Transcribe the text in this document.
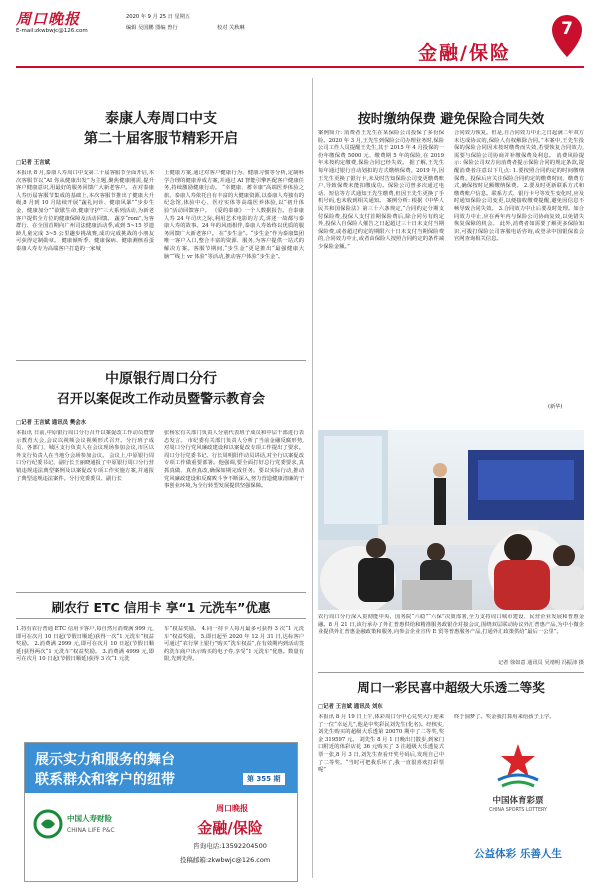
周口晚报
E-mail:zkwbwjc@126.com
2020 年 9 月 25 日 星期五
编辑 吴国鹏 图编 曾行	校对 关秋琳
金融/保险
7
泰康人寿周口中支
第二十届客服节精彩开启
□记者 王言斌
本报讯 8 月,泰康人寿周口中支第二十届客服节全面开启,本次客服节以“AI 你从健康出发”为主题,聚焦健康刚需,提升客户健康意识,用最好的服务回馈广大新老客户。 在对泰康人寿历届客服节集成的基础上,本次客服节推出了健康大升级,8 月到 10 月陆续开展“蔬礼问诊、健康风暴”“步步生金、健康加分”“欲歇生命,健康守护”三大系列活动,为新老客户提供全方位的健康保障及活动回馈。 蔬享“roni”,为客群行、在全国首期向广州司法健康活动季,或到 5~15 岁遗龄儿童完成 3~5 公里趣步挑战赛,成功完成挑战的小朋友可获得定制勋章。 健康倾听季、健康保病、健康测核看蛋泰康人寿专为高端客户打造的一家城
上健康方案,通过对客户健康行为、健康习惯等分析,定制科学合理的健康养成方案,并通过 AI 智能引擎匹配客户健康任务,持续激励健康行动。 “幸健康、蓄幸康”高端医养体验之旅。泰康人寿依托自有丰富的大健康资源,以泰康人寿独有的纪念馆,体验中心、医疗实体等高端医养体验,以“初升体验”活动回馈客户。 《爱的泰康》一个人数据报告。自泰康人寿 24 年司庆之际,利用艺术电影的方式,讲述一故都与泰康人寿的故事。24 年的风雨相伴,泰康人寿始终以优质的服务回馈广大新老客户。 在“步生金”。“步生金”作为泰康集团唯一客户入口,整合丰富的资源、服务,为客户提供一站式的解决方案。客服节期间,“步生金”更是推出“最强健康大脑”“线上 vr 体验”等活动,推动客户体验“步生金”。
中原银行周口分行
召开以案促改工作动员暨警示教育会
□记者 王言斌 通讯员 樊会水
本报讯 日前,中原银行周口分行召开以案促改工作动员暨警示教育大会,会议以视频会议视频形式召开。分行班子成员、各部门、城区支行负责人在会议现场参加会议,市区以外支行负责人在当地分会场参加会议。 会议上,中原银行周口分行纪委书记、副行长王丽晓通报了中原银行周口分行营销违规违法典型案例及以案促改专项工作实施方案,并通报了典型违规违法案件。分行党委委员、副行长
张杨宏有关部门负责人分别代表班子成员和中层干部进行表态发言。 市纪委有关部门负责人分析了当前金融反腐形势,对周口分行党风廉政建设和以案促改专项工作提出了要求。周口分行党委书记、行长周明阳作动员讲话,对全行以案促改专项工作做重要部署。他强调,要全面打好总行党委要求,真抓真做、真查真改,确保如期完成任务。要以实际行动,推动党风廉政建设和反腐败斗争不断深入,努力营造健康清廉的干事创业环境,为全行转型发展提供坚强保障。
刷农行 ETC 信用卡 享“1 元洗车”优惠
1.持有农行普通 ETC 信用卡客户,每自然月消费满 999 元,即可在次月 10 日起(节假日顺延)获得一次“1 元洗车”权益奖励。 2.消费满 2999 元,即可在次月 10 日起(节假日顺延)获得两次“1 元洗车”权益奖励。 3.消费满 4999 元,即可在次月 10 日起(节假日顺延)获得 3 次“1 元洗
车”权益奖励。 4.同一持卡人每月最多可获得 3 次“1 元洗车”权益奖励。 5.即日起至 2020 年 12 月 31 日,达标客户可通过“农行掌上银行”购买“洗车权益”,在有效期内到活动签约洗车商户出示购买的电子券,享受“1 元洗车”优惠。数量有限,先到先得。
展示实力和服务的舞台
联系群众和客户的纽带	第 355 期
中国人寿财险
CHINA LIFE P&C
周口晚报
金融/保险
咨询电话:13592204500
投稿邮箱:zkwbwjc@126.com
按时缴纳保费 避免保险合同失效
案例简介: 消费者王先生在某保险公司投保了多份保险。2020 年 3 月,王先生到保险公司办理业务时,保险公司工作人员提醒王先生,其于 2015 年 4 月投保的一份年缴保费 5000 元、缴费期 5 年的保险,在 2019 年未按约定缴费,保险合同已经失效。 据了解,王先生每年通过银行自动划扣的方式缴纳保费。2019 年,因王先生更换了银行卡,未及时告知保险公司变更缴费账户,导致保费未能扣缴成功。保险公司曾多次通过电话、短信等方式通知王先生缴费,但因王先生更换了手机号码,也未收到相关通知。 案例分析: 根据《中华人民共和国保险法》第三十六条规定,“合同约定分期支付保险费,投保人支付首期保险费后,除合同另有约定外,投保人自保险人催告之日起超过三十日未支付当期保险费,或者超过约定的期限六十日未支付当期保险费的,合同效力中止,或者由保险人按照合同约定的条件减少保险金额。”
合同效力恢复。但是,自合同效力中止之日起满二年双方未达成协议的,保险人有权解除合同。”本案中,王先生投保的保险合同因未按时缴费而失效,若要恢复合同效力,需要与保险公司协商并补缴保费及利息。 消费风险提示: 保险公司双方向消费者提示保险合同的规定条款,提醒消费者注意以下几点: 1.要按照合同约定的时间缴纳保费。投保后应关注保险合同约定的缴费时间、缴费方式,确保按时足额缴纳保费。 2.要及时更新联系方式和缴费账户信息。联系方式、银行卡号等发生变化时,应及时通知保险公司变更,以便接收缴费提醒,避免因信息不畅导致合同失效。 3.合同效力中止后要及时处理。如合同效力中止,应在两年内与保险公司协商复效,以免错失恢复保障的机会。 此外,消费者如需要了解更多保险知识,可拨打保险公司客服电话咨询,或登录中国银保监会官网查询相关信息。
(新华)
农行周口分行深入贯彻能中央、国务院“六稳”“六保”决策部署,全力支持周口城市建设、民营企业发展和普惠金融。8 月 21 日,该行承办了外汇普惠供给和精准服务政银企对接会议,围绕双层联动协议外汇普惠产品,为中小微企业提供外汇普惠金融政策和服务,向参会企业宣传 E 贸等普惠服务产品,打通外汇政策供给“最后一公里”。
记者 徐如意 通讯员 吴靖明 冯振沛 摄
周口一彩民喜中超级大乐透二等奖
□记者 王言斌 通讯员 刘东
本报讯 8 月 19 日上午,体彩周口分中心兑奖大厅迎来了一位“幸运儿”,他是中奖彩民刘先生(化名)。经核实,刘先生购买的超级大乐透第 20070 期中了二等奖,奖金 319597 元。 刘先生 8 月 1 日晚出门散步,到家门口附近的体彩店花 36 元购买了 3 注超级大乐透复式票一张,8 月 3 日,刘先生查看开奖号码后,发现自己中了二等奖。“当时可把我乐坏了,我一直很喜欢打彩票呢”
终于圆梦了。奖金我打算用来给孩子上学。
中国体育彩票
CHINA SPORTS LOTTERY
公益体彩 乐善人生
